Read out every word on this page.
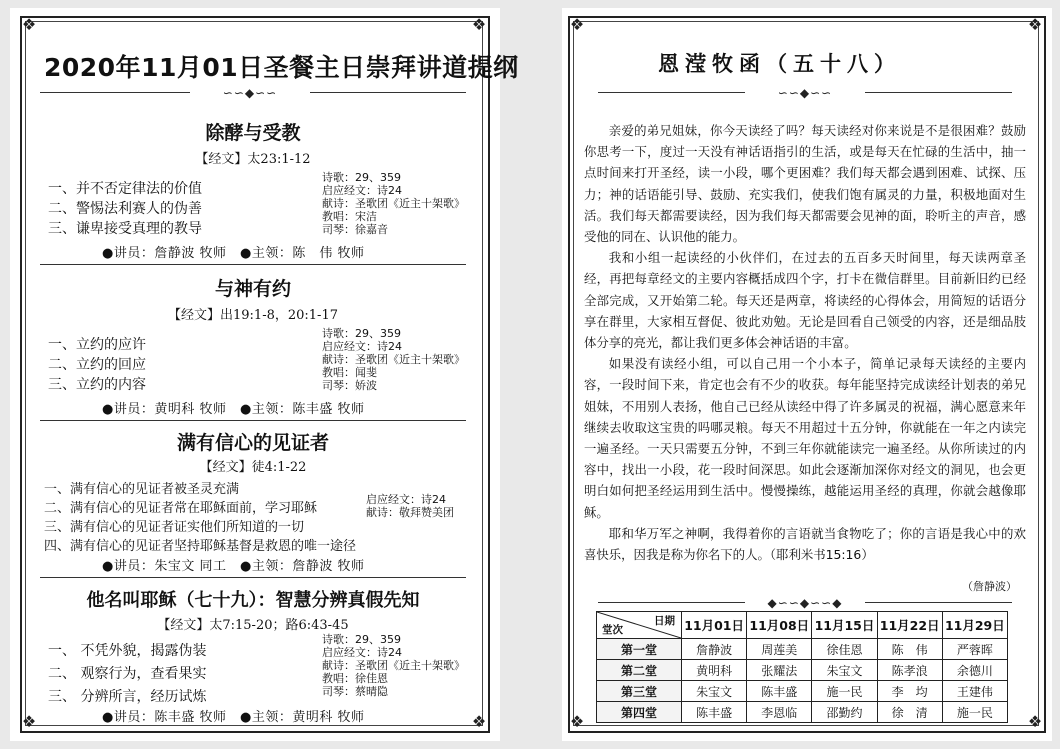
❖	❖
❖	❖
2020年11月01日圣餐主日崇拜讲道提纲
∽∽◆∽∽
除酵与受教
【经文】太23:1-12
一、并不否定律法的价值
二、警惕法利赛人的伪善
三、谦卑接受真理的教导
诗歌：29、359
启应经文：诗24
献诗：圣歌团《近主十架歌》
教唱：宋洁
司琴：徐嘉音
●讲员：詹静波 牧师　●主领：陈　伟 牧师
与神有约
【经文】出19:1-8，20:1-17
一、立约的应许
二、立约的回应
三、立约的内容
诗歌：29、359
启应经文：诗24
献诗：圣歌团《近主十架歌》
教唱：闻斐
司琴：娇波
●讲员：黄明科 牧师　●主领：陈丰盛 牧师
满有信心的见证者
【经文】徒4:1-22
一、满有信心的见证者被圣灵充满
二、满有信心的见证者常在耶稣面前，学习耶稣
三、满有信心的见证者证实他们所知道的一切
四、满有信心的见证者坚持耶稣基督是救恩的唯一途径
启应经文：诗24
献诗：敬拜赞美团
●讲员：朱宝文 同工　●主领：詹静波 牧师
他名叫耶稣（七十九）：智慧分辨真假先知
【经文】太7:15-20；路6:43-45
一、 不凭外貌，揭露伪装
二、 观察行为，查看果实
三、 分辨所言，经历试炼
诗歌：29、359
启应经文：诗24
献诗：圣歌团《近主十架歌》
教唱：徐佳恩
司琴：蔡晴隐
●讲员：陈丰盛 牧师　●主领：黄明科 牧师
❖	❖
❖	❖
恩滢牧函（五十八）
∽∽◆∽∽

亲爱的弟兄姐妹，你今天读经了吗？每天读经对你来说是不是很困难？鼓励你思考一下，度过一天没有神话语指引的生活，或是每天在忙碌的生活中，抽一点时间来打开圣经，读一小段，哪个更困难？我们每天都会遇到困难、试探、压力；神的话语能引导、鼓励、充实我们，使我们饱有属灵的力量，积极地面对生活。我们每天都需要读经，因为我们每天都需要会见神的面，聆听主的声音，感受他的同在、认识他的能力。

我和小组一起读经的小伙伴们，在过去的五百多天时间里，每天读两章圣经，再把每章经文的主要内容概括成四个字，打卡在微信群里。目前新旧约已经全部完成，又开始第二轮。每天还是两章，将读经的心得体会，用简短的话语分享在群里，大家相互督促、彼此劝勉。无论是回看自己领受的内容，还是细品肢体分享的亮光，都让我们更多体会神话语的丰富。

如果没有读经小组，可以自己用一个小本子，简单记录每天读经的主要内容，一段时间下来，肯定也会有不少的收获。每年能坚持完成读经计划表的弟兄姐妹，不用别人表扬，他自己已经从读经中得了许多属灵的祝福，满心愿意来年继续去收取这宝贵的吗哪灵粮。每天不用超过十五分钟，你就能在一年之内读完一遍圣经。一天只需要五分钟，不到三年你就能读完一遍圣经。从你所读过的内容中，找出一小段，花一段时间深思。如此会逐渐加深你对经文的洞见，也会更明白如何把圣经运用到生活中。慢慢操练，越能运用圣经的真理，你就会越像耶稣。

耶和华万军之神啊，我得着你的言语就当食物吃了；你的言语是我心中的欢喜快乐，因我是称为你名下的人。（耶利米书15:16）

（詹静波）
◆∽∽◆∽∽◆
日期
堂次	11月01日	11月08日	11月15日	11月22日	11月29日
第一堂	詹静波	周莲美	徐佳恩	陈　伟	严蓉晖
第二堂	黄明科	张耀法	朱宝文	陈孝浪	余德川
第三堂	朱宝文	陈丰盛	施一民	李　均	王建伟
第四堂	陈丰盛	李恩临	邵勤约	徐　清	施一民
